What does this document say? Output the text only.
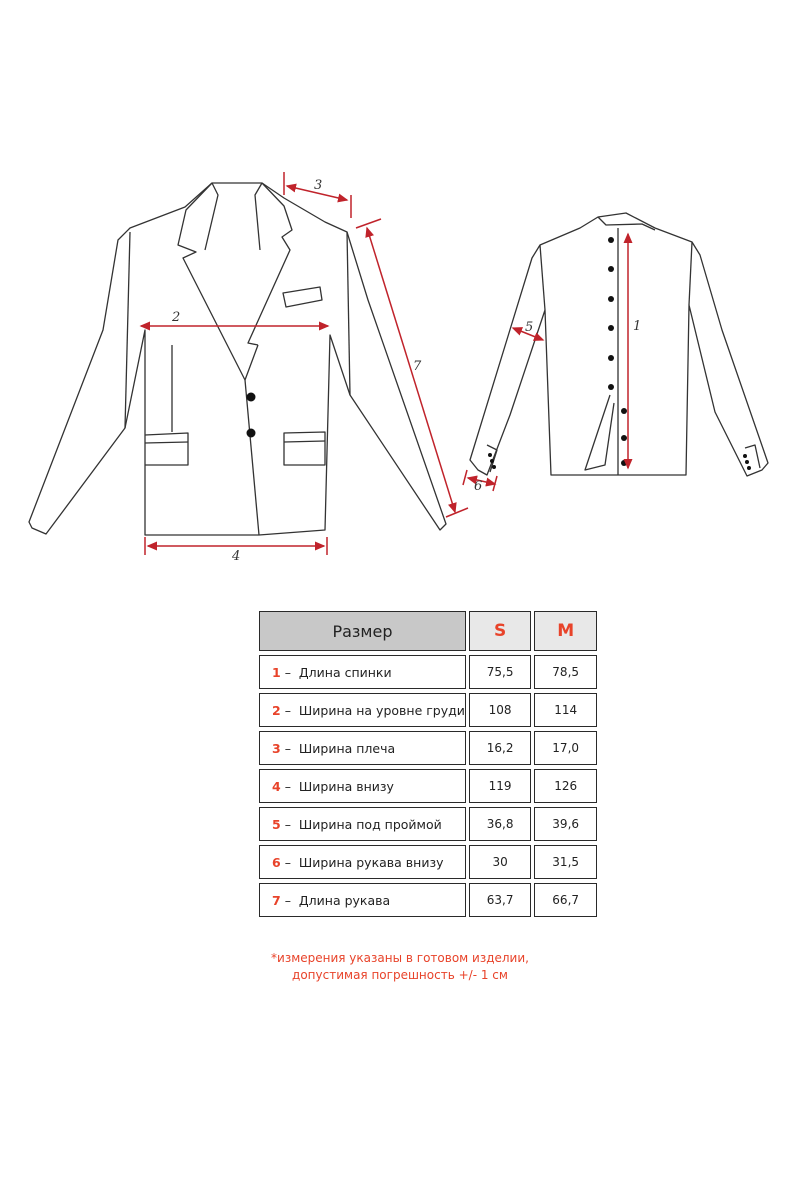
2
3
4
7
1
5
6
Размер		S		M
1 – Длина спинки		75,5		78,5
2 – Ширина на уровне груди		108		114
3 – Ширина плеча		16,2		17,0
4 – Ширина внизу		119		126
5 – Ширина под проймой		36,8		39,6
6 – Ширина рукава внизу		30		31,5
7 – Длина рукава		63,7		66,7
*измерения указаны в готовом изделии,
допустимая погрешность +/- 1 см
